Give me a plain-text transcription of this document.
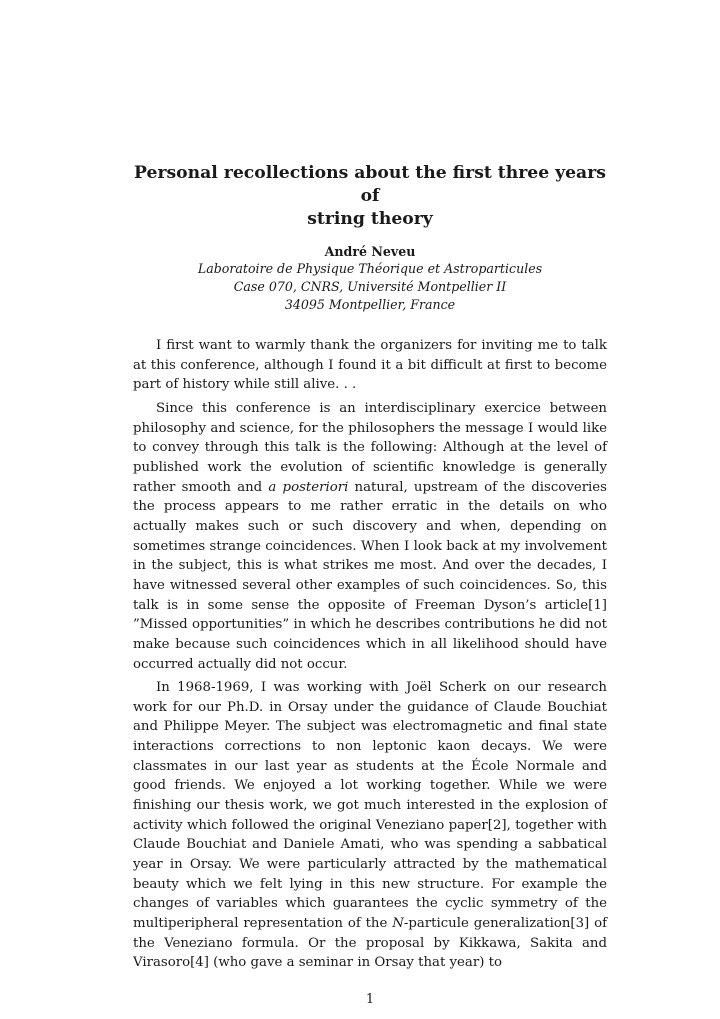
Personal recollections about the first three years of
string theory
André Neveu
Laboratoire de Physique Théorique et Astroparticules
Case 070, CNRS, Université Montpellier II
34095 Montpellier, France

I first want to warmly thank the organizers for inviting me to talk at this conference, although I found it a bit difficult at first to become part of history while still alive. . .

Since this conference is an interdisciplinary exercice between philosophy and science, for the philosophers the message I would like to convey through this talk is the following: Although at the level of published work the evolution of scientific knowledge is generally rather smooth and a posteriori natural, upstream of the discoveries the process appears to me rather erratic in the details on who actually makes such or such discovery and when, depending on sometimes strange coincidences. When I look back at my involvement in the subject, this is what strikes me most. And over the decades, I have witnessed several other examples of such coincidences. So, this talk is in some sense the opposite of Freeman Dyson’s article[1] ”Missed opportunities” in which he describes contributions he did not make because such coincidences which in all likelihood should have occurred actually did not occur.

In 1968-1969, I was working with Joël Scherk on our research work for our Ph.D. in Orsay under the guidance of Claude Bouchiat and Philippe Meyer. The subject was electromagnetic and final state interactions corrections to non leptonic kaon decays. We were classmates in our last year as students at the École Normale and good friends. We enjoyed a lot working together. While we were finishing our thesis work, we got much interested in the explosion of activity which followed the original Veneziano paper[2], together with Claude Bouchiat and Daniele Amati, who was spending a sabbatical year in Orsay. We were particularly attracted by the mathematical beauty which we felt lying in this new structure. For example the changes of variables which guarantees the cyclic symmetry of the multiperipheral representation of the N-particule generalization[3] of the Veneziano formula. Or the proposal by Kikkawa, Sakita and Virasoro[4] (who gave a seminar in Orsay that year) to

1
